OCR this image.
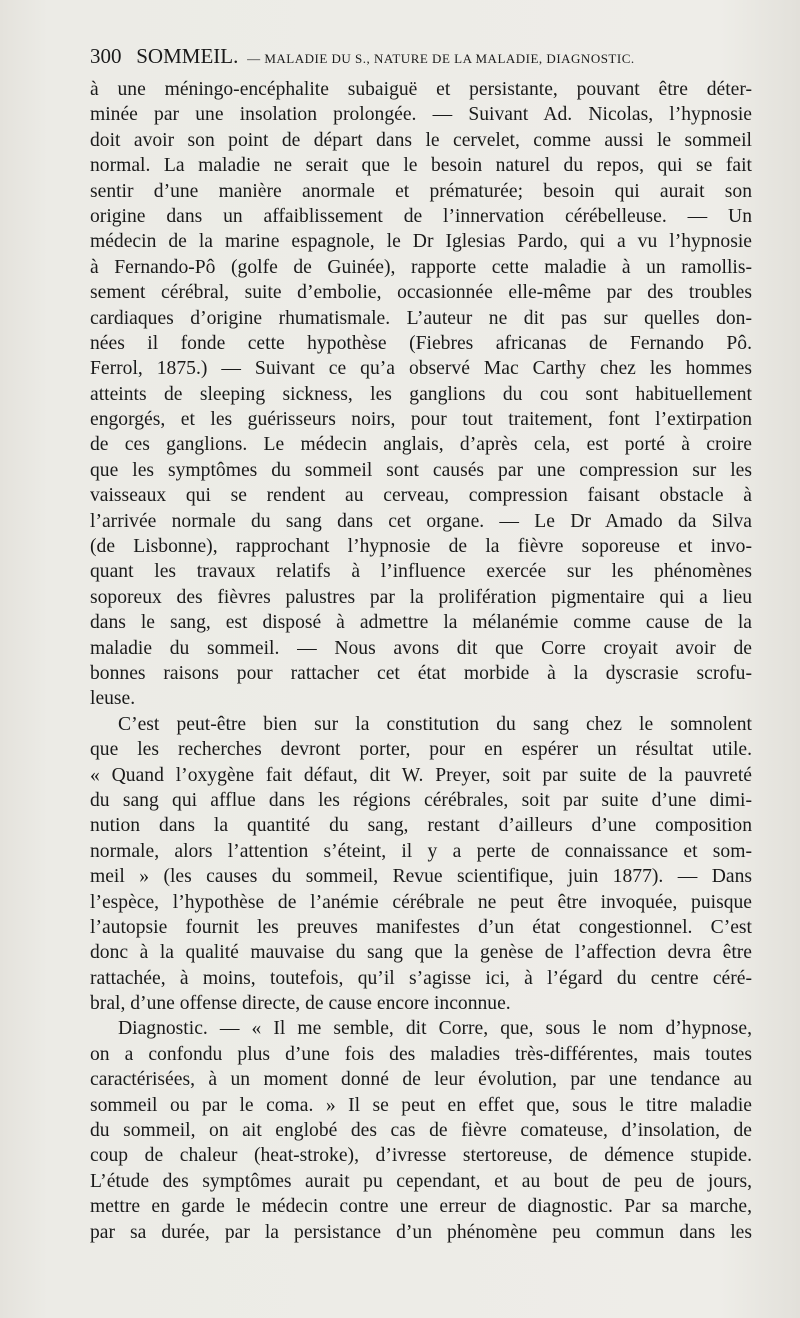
300 SOMMEIL. — MALADIE DU S., NATURE DE LA MALADIE, DIAGNOSTIC.
à une méningo-encéphalite subaiguë et persistante, pouvant être déter-
minée par une insolation prolongée. — Suivant Ad. Nicolas, l’hypnosie
doit avoir son point de départ dans le cervelet, comme aussi le sommeil
normal. La maladie ne serait que le besoin naturel du repos, qui se fait
sentir d’une manière anormale et prématurée; besoin qui aurait son
origine dans un affaiblissement de l’innervation cérébelleuse. — Un
médecin de la marine espagnole, le Dr Iglesias Pardo, qui a vu l’hypnosie
à Fernando-Pô (golfe de Guinée), rapporte cette maladie à un ramollis-
sement cérébral, suite d’embolie, occasionnée elle-même par des troubles
cardiaques d’origine rhumatismale. L’auteur ne dit pas sur quelles don-
nées il fonde cette hypothèse (Fiebres africanas de Fernando Pô.
Ferrol, 1875.) — Suivant ce qu’a observé Mac Carthy chez les hommes
atteints de sleeping sickness, les ganglions du cou sont habituellement
engorgés, et les guérisseurs noirs, pour tout traitement, font l’extirpation
de ces ganglions. Le médecin anglais, d’après cela, est porté à croire
que les symptômes du sommeil sont causés par une compression sur les
vaisseaux qui se rendent au cerveau, compression faisant obstacle à
l’arrivée normale du sang dans cet organe. — Le Dr Amado da Silva
(de Lisbonne), rapprochant l’hypnosie de la fièvre soporeuse et invo-
quant les travaux relatifs à l’influence exercée sur les phénomènes
soporeux des fièvres palustres par la prolifération pigmentaire qui a lieu
dans le sang, est disposé à admettre la mélanémie comme cause de la
maladie du sommeil. — Nous avons dit que Corre croyait avoir de
bonnes raisons pour rattacher cet état morbide à la dyscrasie scrofu-
leuse.
C’est peut-être bien sur la constitution du sang chez le somnolent
que les recherches devront porter, pour en espérer un résultat utile.
« Quand l’oxygène fait défaut, dit W. Preyer, soit par suite de la pauvreté
du sang qui afflue dans les régions cérébrales, soit par suite d’une dimi-
nution dans la quantité du sang, restant d’ailleurs d’une composition
normale, alors l’attention s’éteint, il y a perte de connaissance et som-
meil » (les causes du sommeil, Revue scientifique, juin 1877). — Dans
l’espèce, l’hypothèse de l’anémie cérébrale ne peut être invoquée, puisque
l’autopsie fournit les preuves manifestes d’un état congestionnel. C’est
donc à la qualité mauvaise du sang que la genèse de l’affection devra être
rattachée, à moins, toutefois, qu’il s’agisse ici, à l’égard du centre céré-
bral, d’une offense directe, de cause encore inconnue.
Diagnostic. — « Il me semble, dit Corre, que, sous le nom d’hypnose,
on a confondu plus d’une fois des maladies très-différentes, mais toutes
caractérisées, à un moment donné de leur évolution, par une tendance au
sommeil ou par le coma. » Il se peut en effet que, sous le titre maladie
du sommeil, on ait englobé des cas de fièvre comateuse, d’insolation, de
coup de chaleur (heat-stroke), d’ivresse stertoreuse, de démence stupide.
L’étude des symptômes aurait pu cependant, et au bout de peu de jours,
mettre en garde le médecin contre une erreur de diagnostic. Par sa marche,
par sa durée, par la persistance d’un phénomène peu commun dans les
